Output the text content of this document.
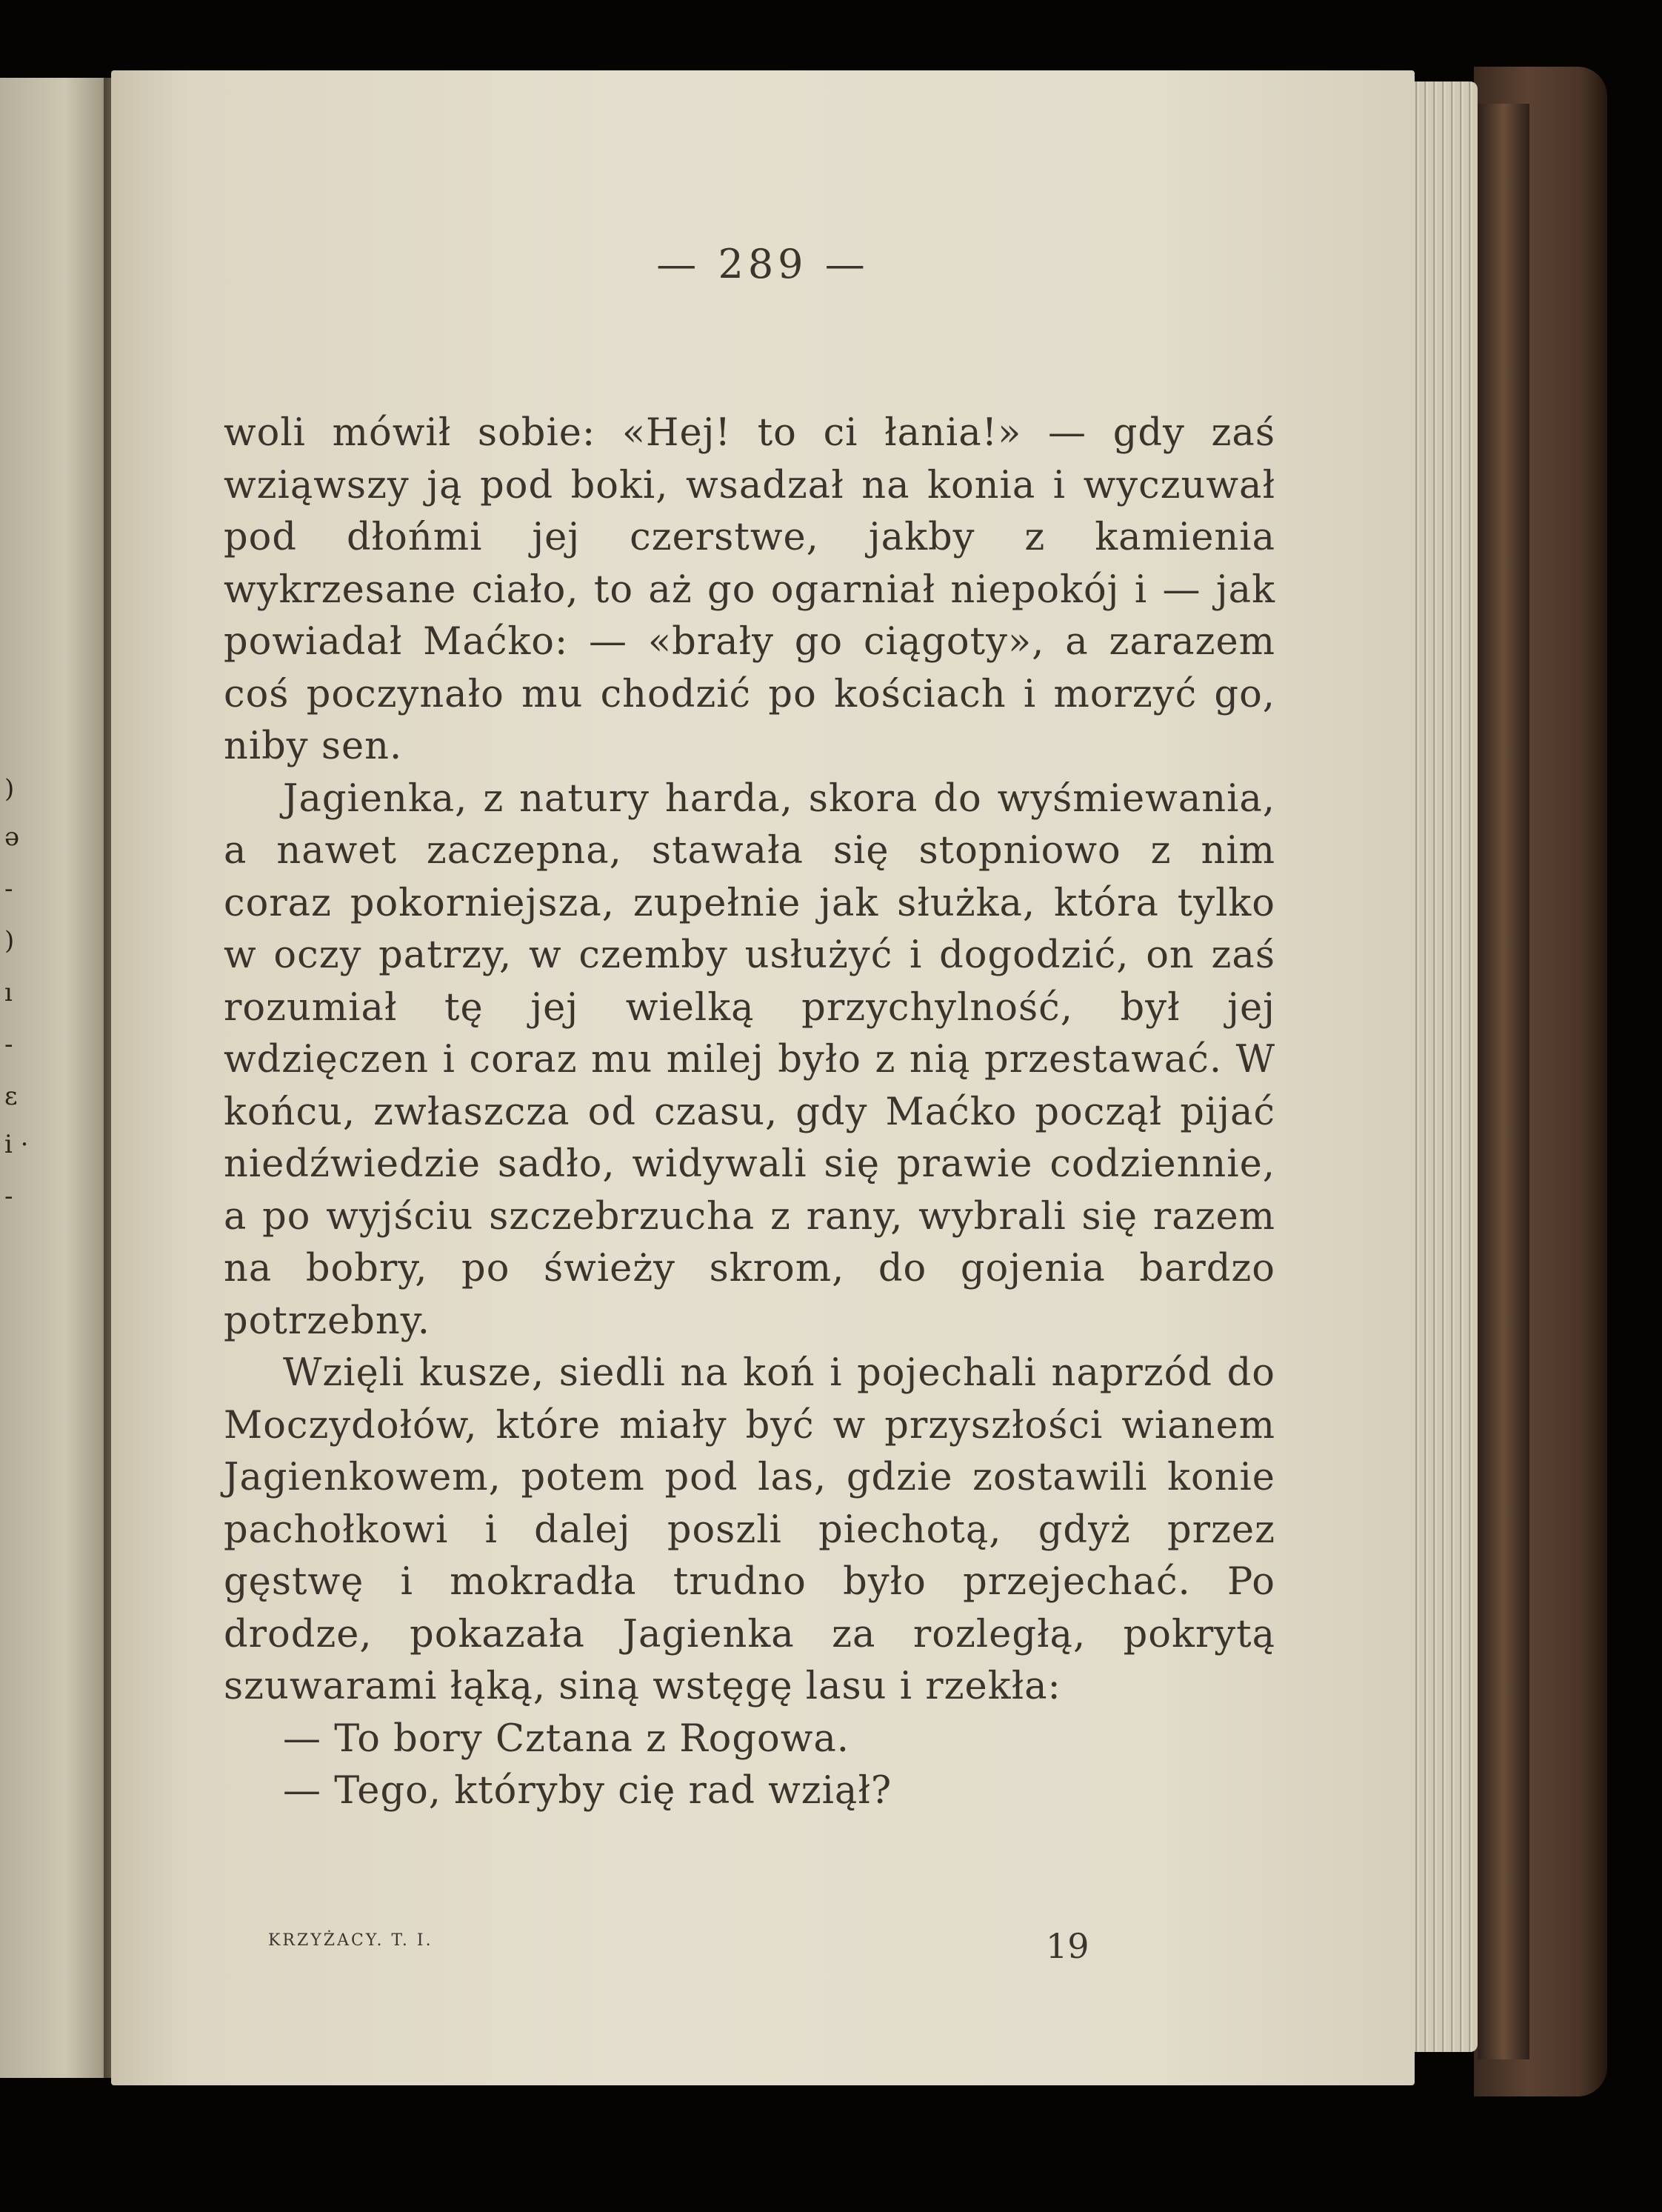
)
ə
-
)
ı
-
ɛ
i ·
-
— 289 —

woli mówił sobie: «Hej! to ci łania!» — gdy zaś wziąwszy ją pod boki, wsadzał na konia i wyczuwał pod dłońmi jej czerstwe, jakby z kamienia wykrzesane ciało, to aż go ogarniał niepokój i — jak powiadał Maćko: — «brały go ciągoty», a zarazem coś poczynało mu chodzić po kościach i morzyć go, niby sen.

Jagienka, z natury harda, skora do wyśmiewania, a nawet zaczepna, stawała się stopniowo z nim coraz pokorniejsza, zupełnie jak służka, która tylko w oczy patrzy, w czemby usłużyć i dogodzić, on zaś rozumiał tę jej wielką przychylność, był jej wdzięczen i coraz mu milej było z nią przestawać. W końcu, zwłaszcza od czasu, gdy Maćko począł pijać niedźwiedzie sadło, widywali się prawie codziennie, a po wyjściu szczebrzucha z rany, wybrali się razem na bobry, po świeży skrom, do gojenia bardzo potrzebny.

Wzięli kusze, siedli na koń i pojechali naprzód do Moczydołów, które miały być w przyszłości wianem Jagienkowem, potem pod las, gdzie zostawili konie pachołkowi i dalej poszli piechotą, gdyż przez gęstwę i mokradła trudno było przejechać. Po drodze, pokazała Jagienka za rozległą, pokrytą szuwarami łąką, siną wstęgę lasu i rzekła:

— To bory Cztana z Rogowa.

— Tego, któryby cię rad wziął?

KRZYŻACY. T. I.	19
